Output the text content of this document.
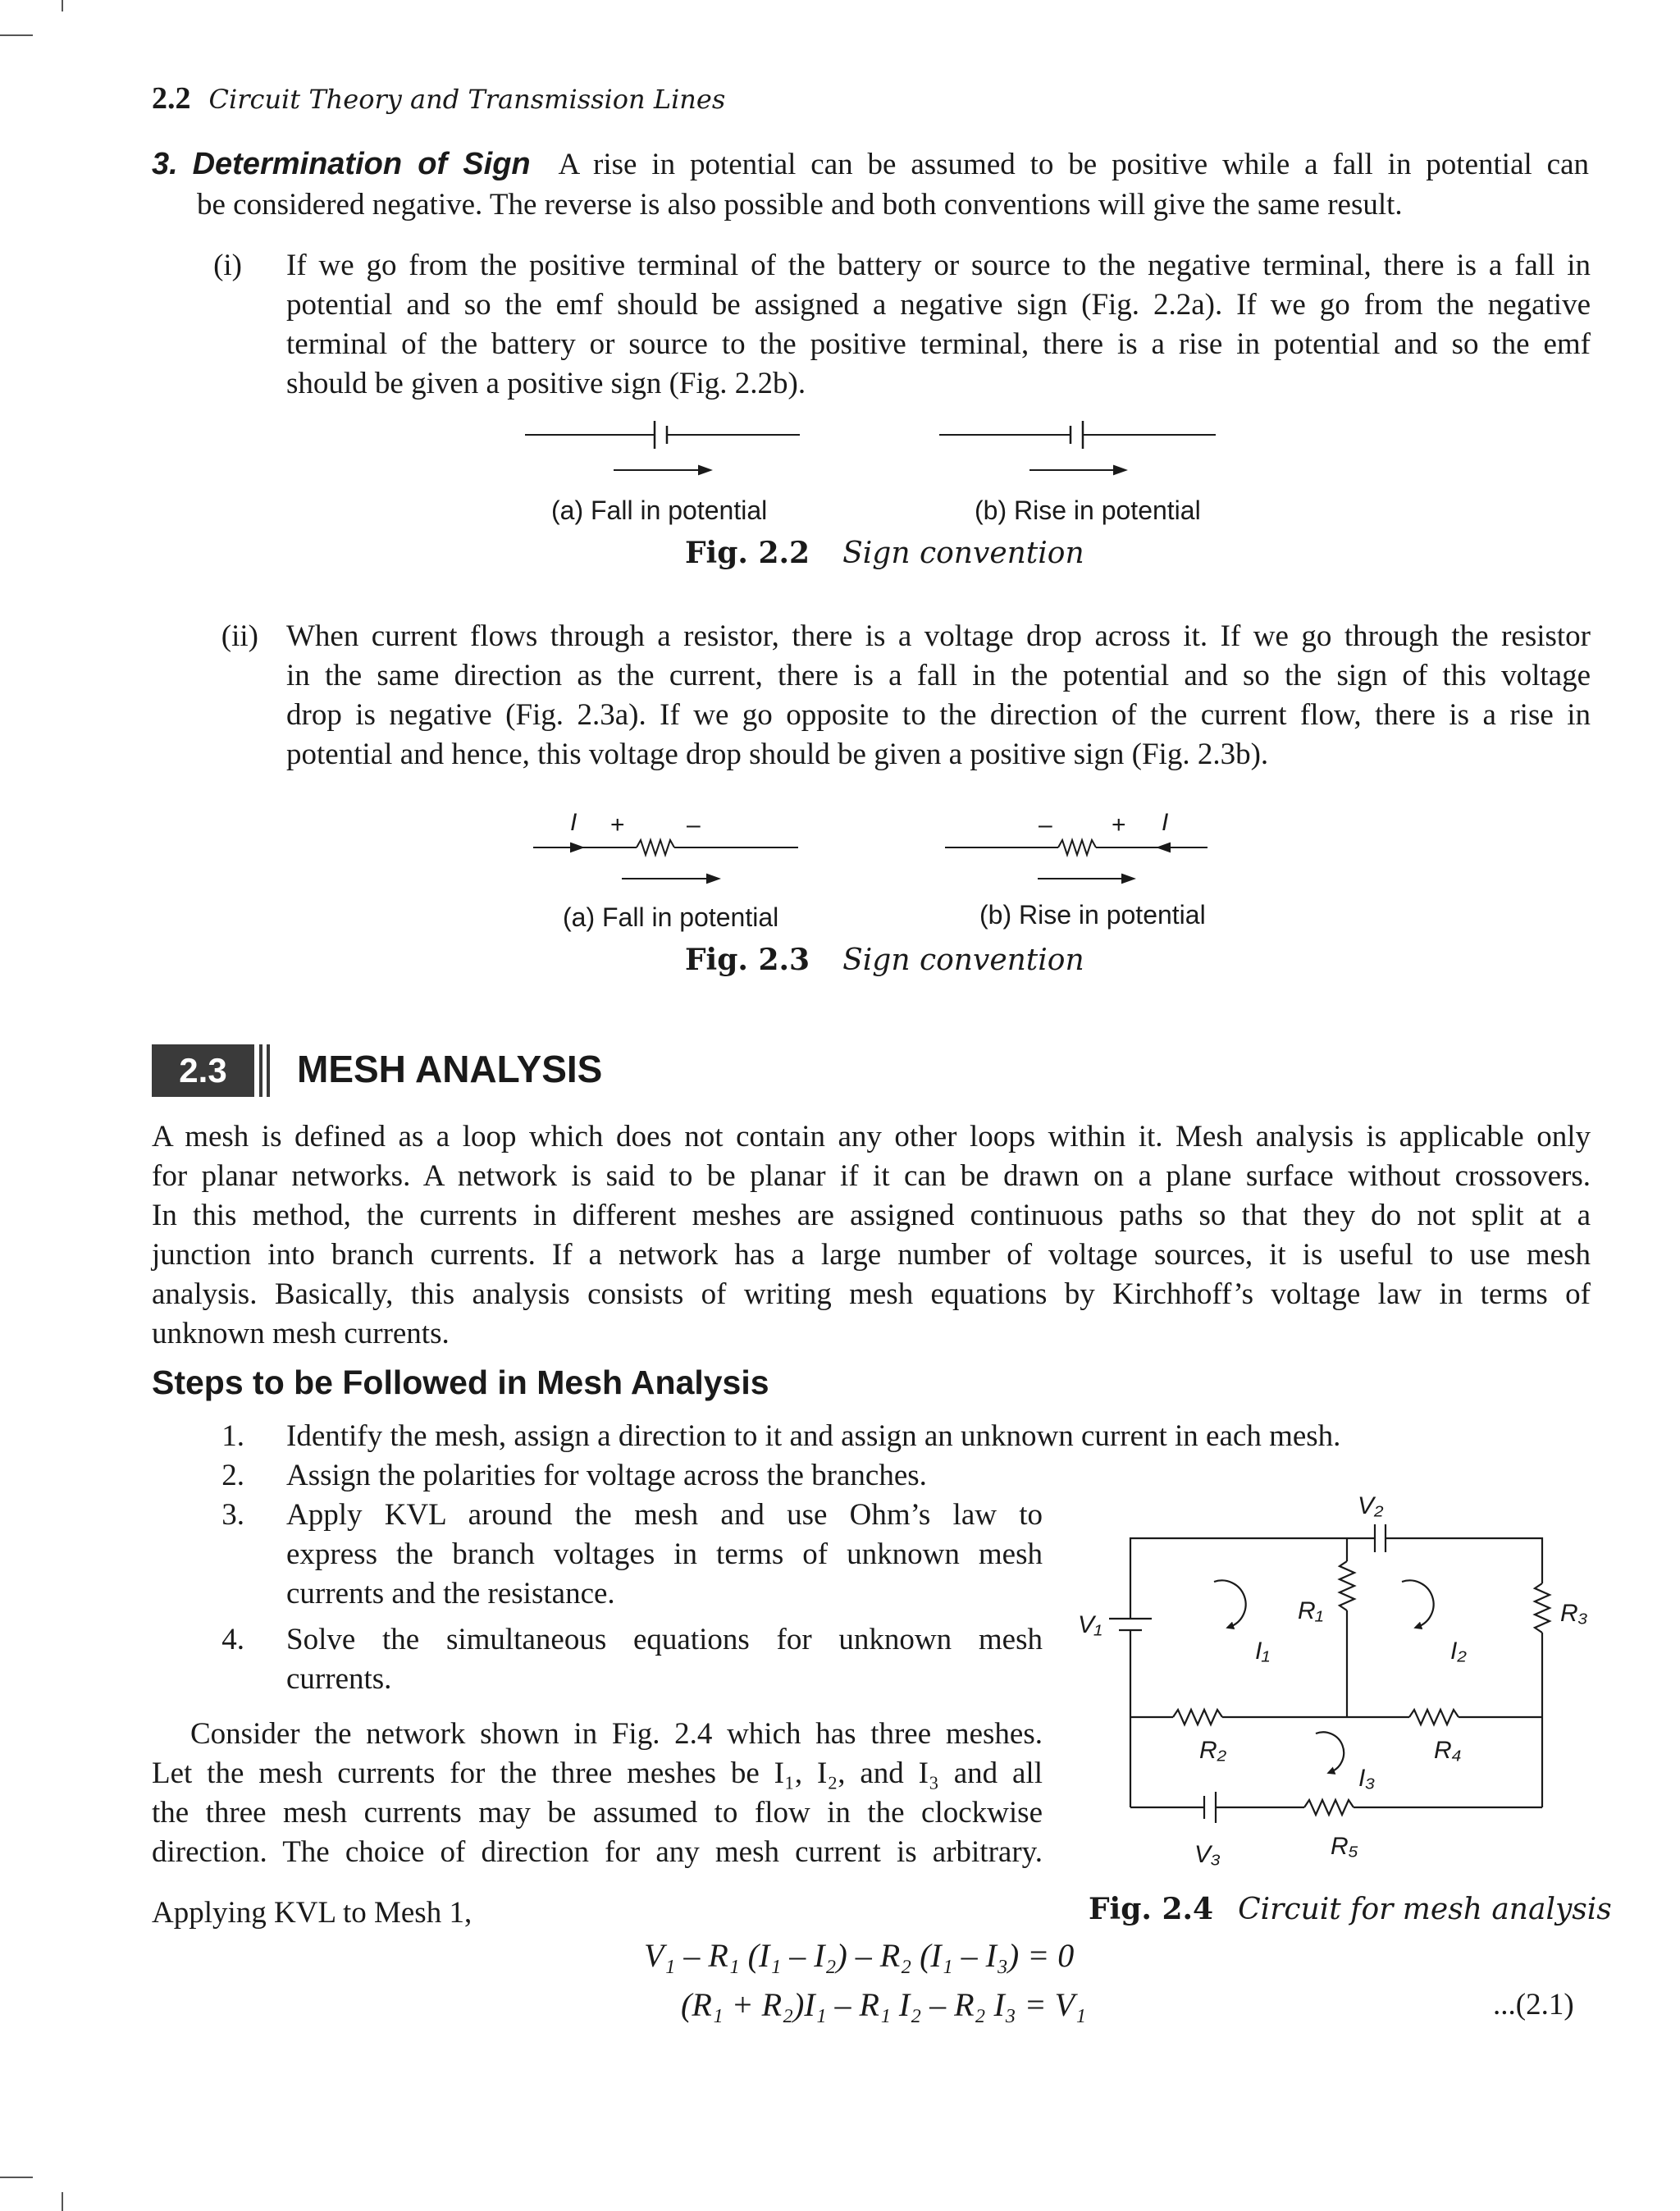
2.2 Circuit Theory and Transmission Lines
3. Determination of Sign A rise in potential can be assumed to be positive while a fall in potential can
be considered negative. The reverse is also possible and both conventions will give the same result.
(i) If we go from the positive terminal of the battery or source to the negative terminal, there is a fall in
potential and so the emf should be assigned a negative sign (Fig. 2.2a). If we go from the negative
terminal of the battery or source to the positive terminal, there is a rise in potential and so the emf
should be given a positive sign (Fig. 2.2b).
(a) Fall in potential	(b) Rise in potential
Fig. 2.2 Sign convention
(ii) When current flows through a resistor, there is a voltage drop across it. If we go through the resistor
in the same direction as the current, there is a fall in the potential and so the sign of this voltage
drop is negative (Fig. 2.3a). If we go opposite to the direction of the current flow, there is a rise in
potential and hence, this voltage drop should be given a positive sign (Fig. 2.3b).
I +	–	– + I
(a) Fall in potential	(b) Rise in potential
Fig. 2.3 Sign convention
2.3	MESH ANALYSIS
A mesh is defined as a loop which does not contain any other loops within it. Mesh analysis is applicable only
for planar networks. A network is said to be planar if it can be drawn on a plane surface without crossovers.
In this method, the currents in different meshes are assigned continuous paths so that they do not split at a
junction into branch currents. If a network has a large number of voltage sources, it is useful to use mesh
analysis. Basically, this analysis consists of writing mesh equations by Kirchhoff’s voltage law in terms of
unknown mesh currents.
Steps to be Followed in Mesh Analysis
1. Identify the mesh, assign a direction to it and assign an unknown current in each mesh.
2. Assign the polarities for voltage across the branches.
3. Apply KVL around the mesh and use Ohm’s law to
express the branch voltages in terms of unknown mesh
currents and the resistance.
4. Solve the simultaneous equations for unknown mesh
currents.
Consider the network shown in Fig. 2.4 which has three meshes.
Let the mesh currents for the three meshes be I₁, I₂, and I₃ and all
the three mesh currents may be assumed to flow in the clockwise
direction. The choice of direction for any mesh current is arbitrary.
V₂
V₁
R₁	R₃
I₁	I₂
R₂	R₄
I₃
V₃	R₅
Fig. 2.4 Circuit for mesh analysis
Applying KVL to Mesh 1,
V₁ – R₁ (I₁ – I₂) – R₂ (I₁ – I₃) = 0
(R₁ + R₂)I₁ – R₁ I₂ – R₂ I₃ = V₁	...(2.1)
